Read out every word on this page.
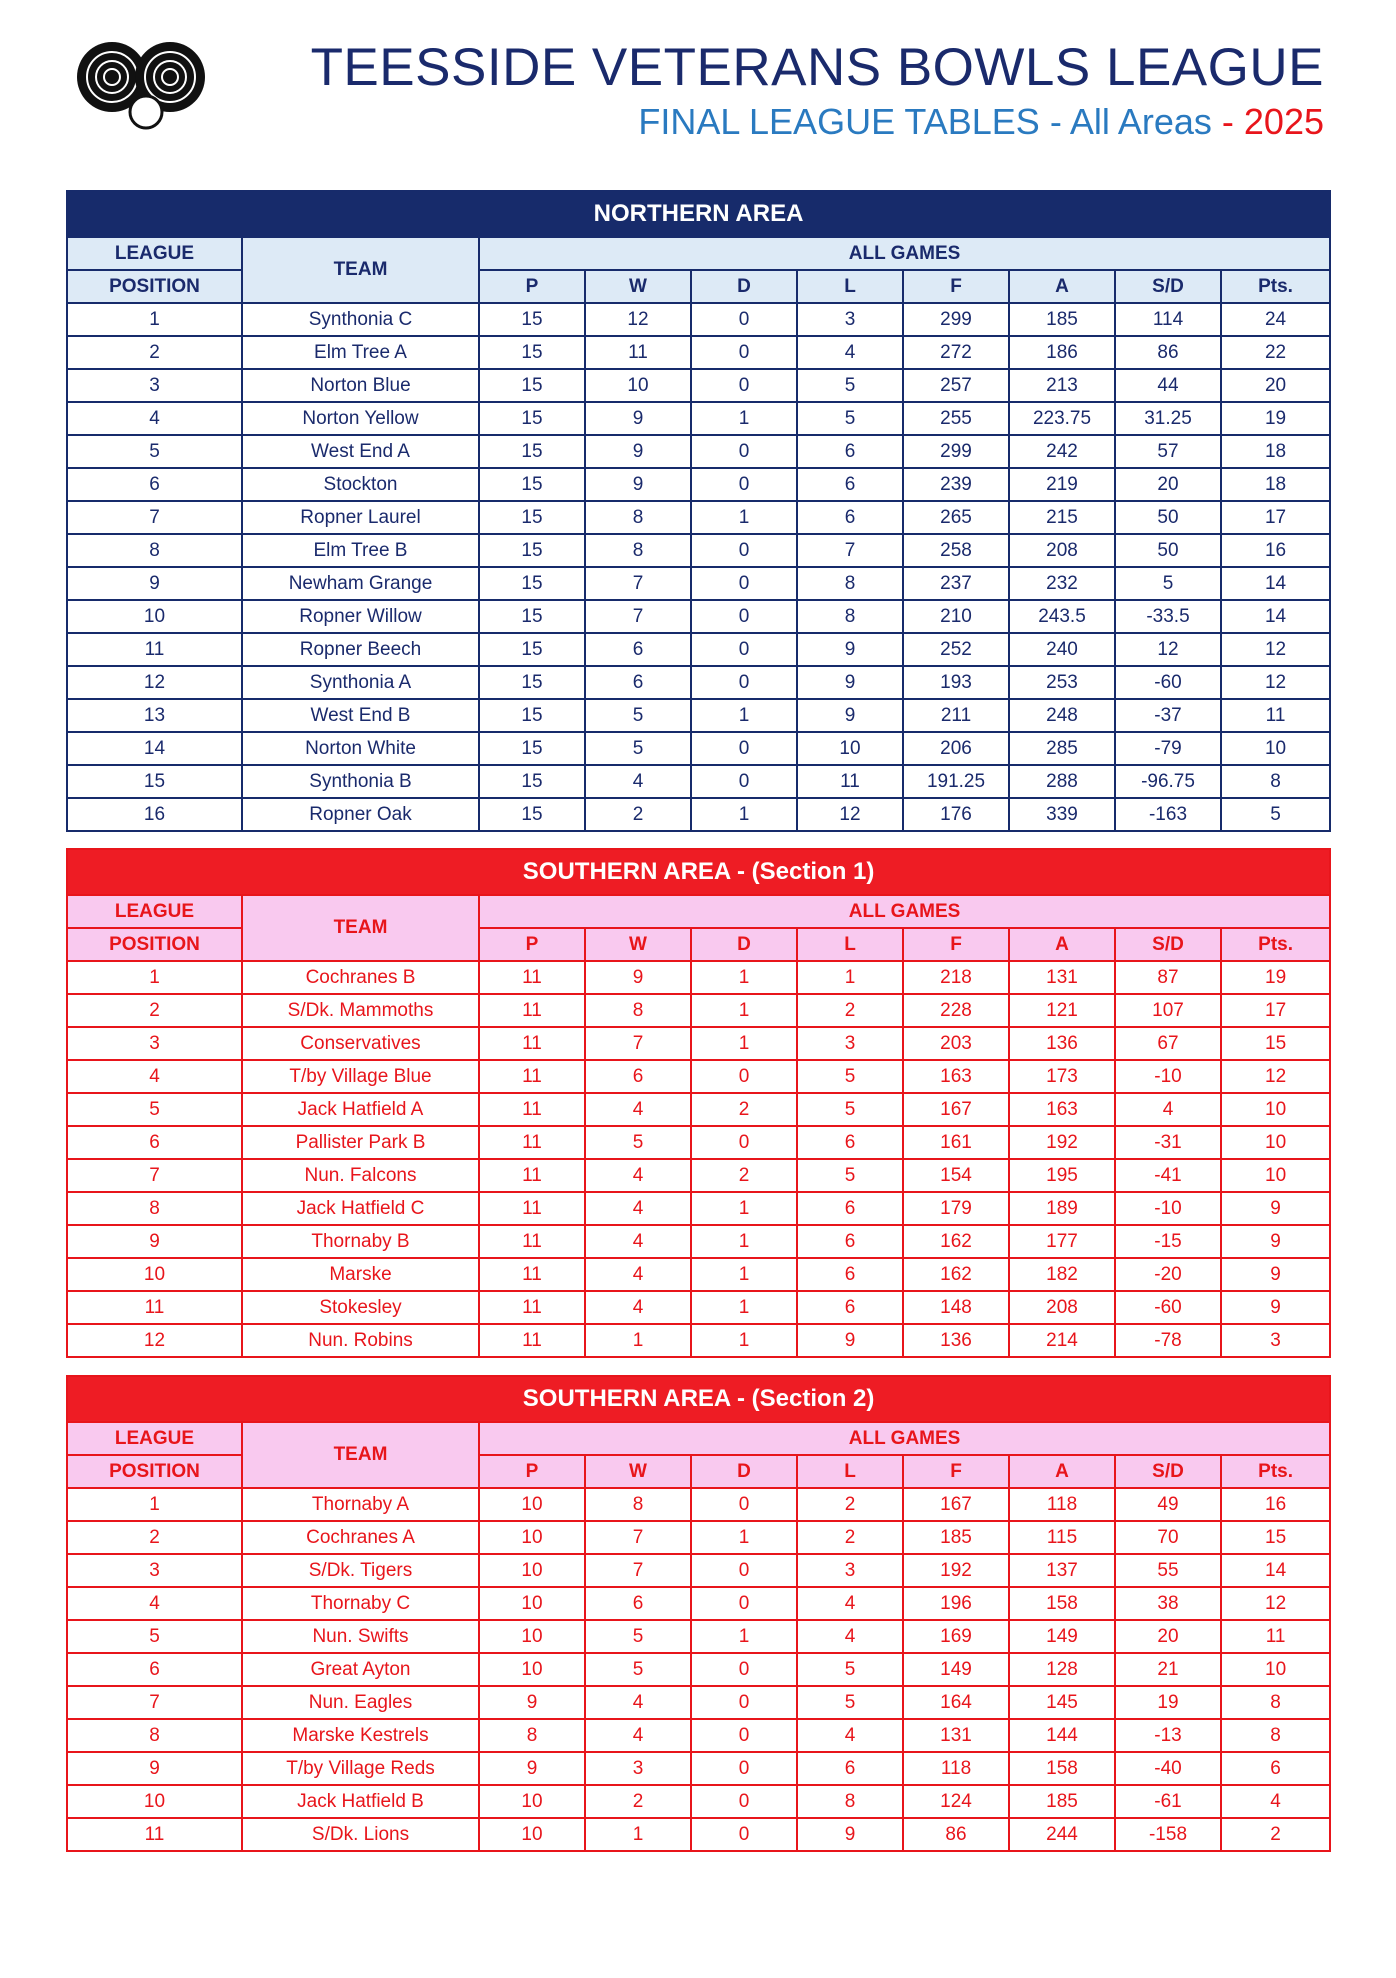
TEESSIDE VETERANS BOWLS LEAGUE
FINAL LEAGUE TABLES - All Areas - 2025
NORTHERN AREA									
LEAGUE	TEAM	ALL GAMES							
POSITION		P	W	D	L	F	A	S/D	Pts.
1	Synthonia C	15	12	0	3	299	185	114	24
2	Elm Tree A	15	11	0	4	272	186	86	22
3	Norton Blue	15	10	0	5	257	213	44	20
4	Norton Yellow	15	9	1	5	255	223.75	31.25	19
5	West End A	15	9	0	6	299	242	57	18
6	Stockton	15	9	0	6	239	219	20	18
7	Ropner Laurel	15	8	1	6	265	215	50	17
8	Elm Tree B	15	8	0	7	258	208	50	16
9	Newham Grange	15	7	0	8	237	232	5	14
10	Ropner Willow	15	7	0	8	210	243.5	-33.5	14
11	Ropner Beech	15	6	0	9	252	240	12	12
12	Synthonia A	15	6	0	9	193	253	-60	12
13	West End B	15	5	1	9	211	248	-37	11
14	Norton White	15	5	0	10	206	285	-79	10
15	Synthonia B	15	4	0	11	191.25	288	-96.75	8
16	Ropner Oak	15	2	1	12	176	339	-163	5
SOUTHERN AREA - (Section 1)									
LEAGUE	TEAM	ALL GAMES							
POSITION		P	W	D	L	F	A	S/D	Pts.
1	Cochranes B	11	9	1	1	218	131	87	19
2	S/Dk. Mammoths	11	8	1	2	228	121	107	17
3	Conservatives	11	7	1	3	203	136	67	15
4	T/by Village Blue	11	6	0	5	163	173	-10	12
5	Jack Hatfield A	11	4	2	5	167	163	4	10
6	Pallister Park B	11	5	0	6	161	192	-31	10
7	Nun. Falcons	11	4	2	5	154	195	-41	10
8	Jack Hatfield C	11	4	1	6	179	189	-10	9
9	Thornaby B	11	4	1	6	162	177	-15	9
10	Marske	11	4	1	6	162	182	-20	9
11	Stokesley	11	4	1	6	148	208	-60	9
12	Nun. Robins	11	1	1	9	136	214	-78	3
SOUTHERN AREA - (Section 2)									
LEAGUE	TEAM	ALL GAMES							
POSITION		P	W	D	L	F	A	S/D	Pts.
1	Thornaby A	10	8	0	2	167	118	49	16
2	Cochranes A	10	7	1	2	185	115	70	15
3	S/Dk. Tigers	10	7	0	3	192	137	55	14
4	Thornaby C	10	6	0	4	196	158	38	12
5	Nun. Swifts	10	5	1	4	169	149	20	11
6	Great Ayton	10	5	0	5	149	128	21	10
7	Nun. Eagles	9	4	0	5	164	145	19	8
8	Marske Kestrels	8	4	0	4	131	144	-13	8
9	T/by Village Reds	9	3	0	6	118	158	-40	6
10	Jack Hatfield B	10	2	0	8	124	185	-61	4
11	S/Dk. Lions	10	1	0	9	86	244	-158	2
